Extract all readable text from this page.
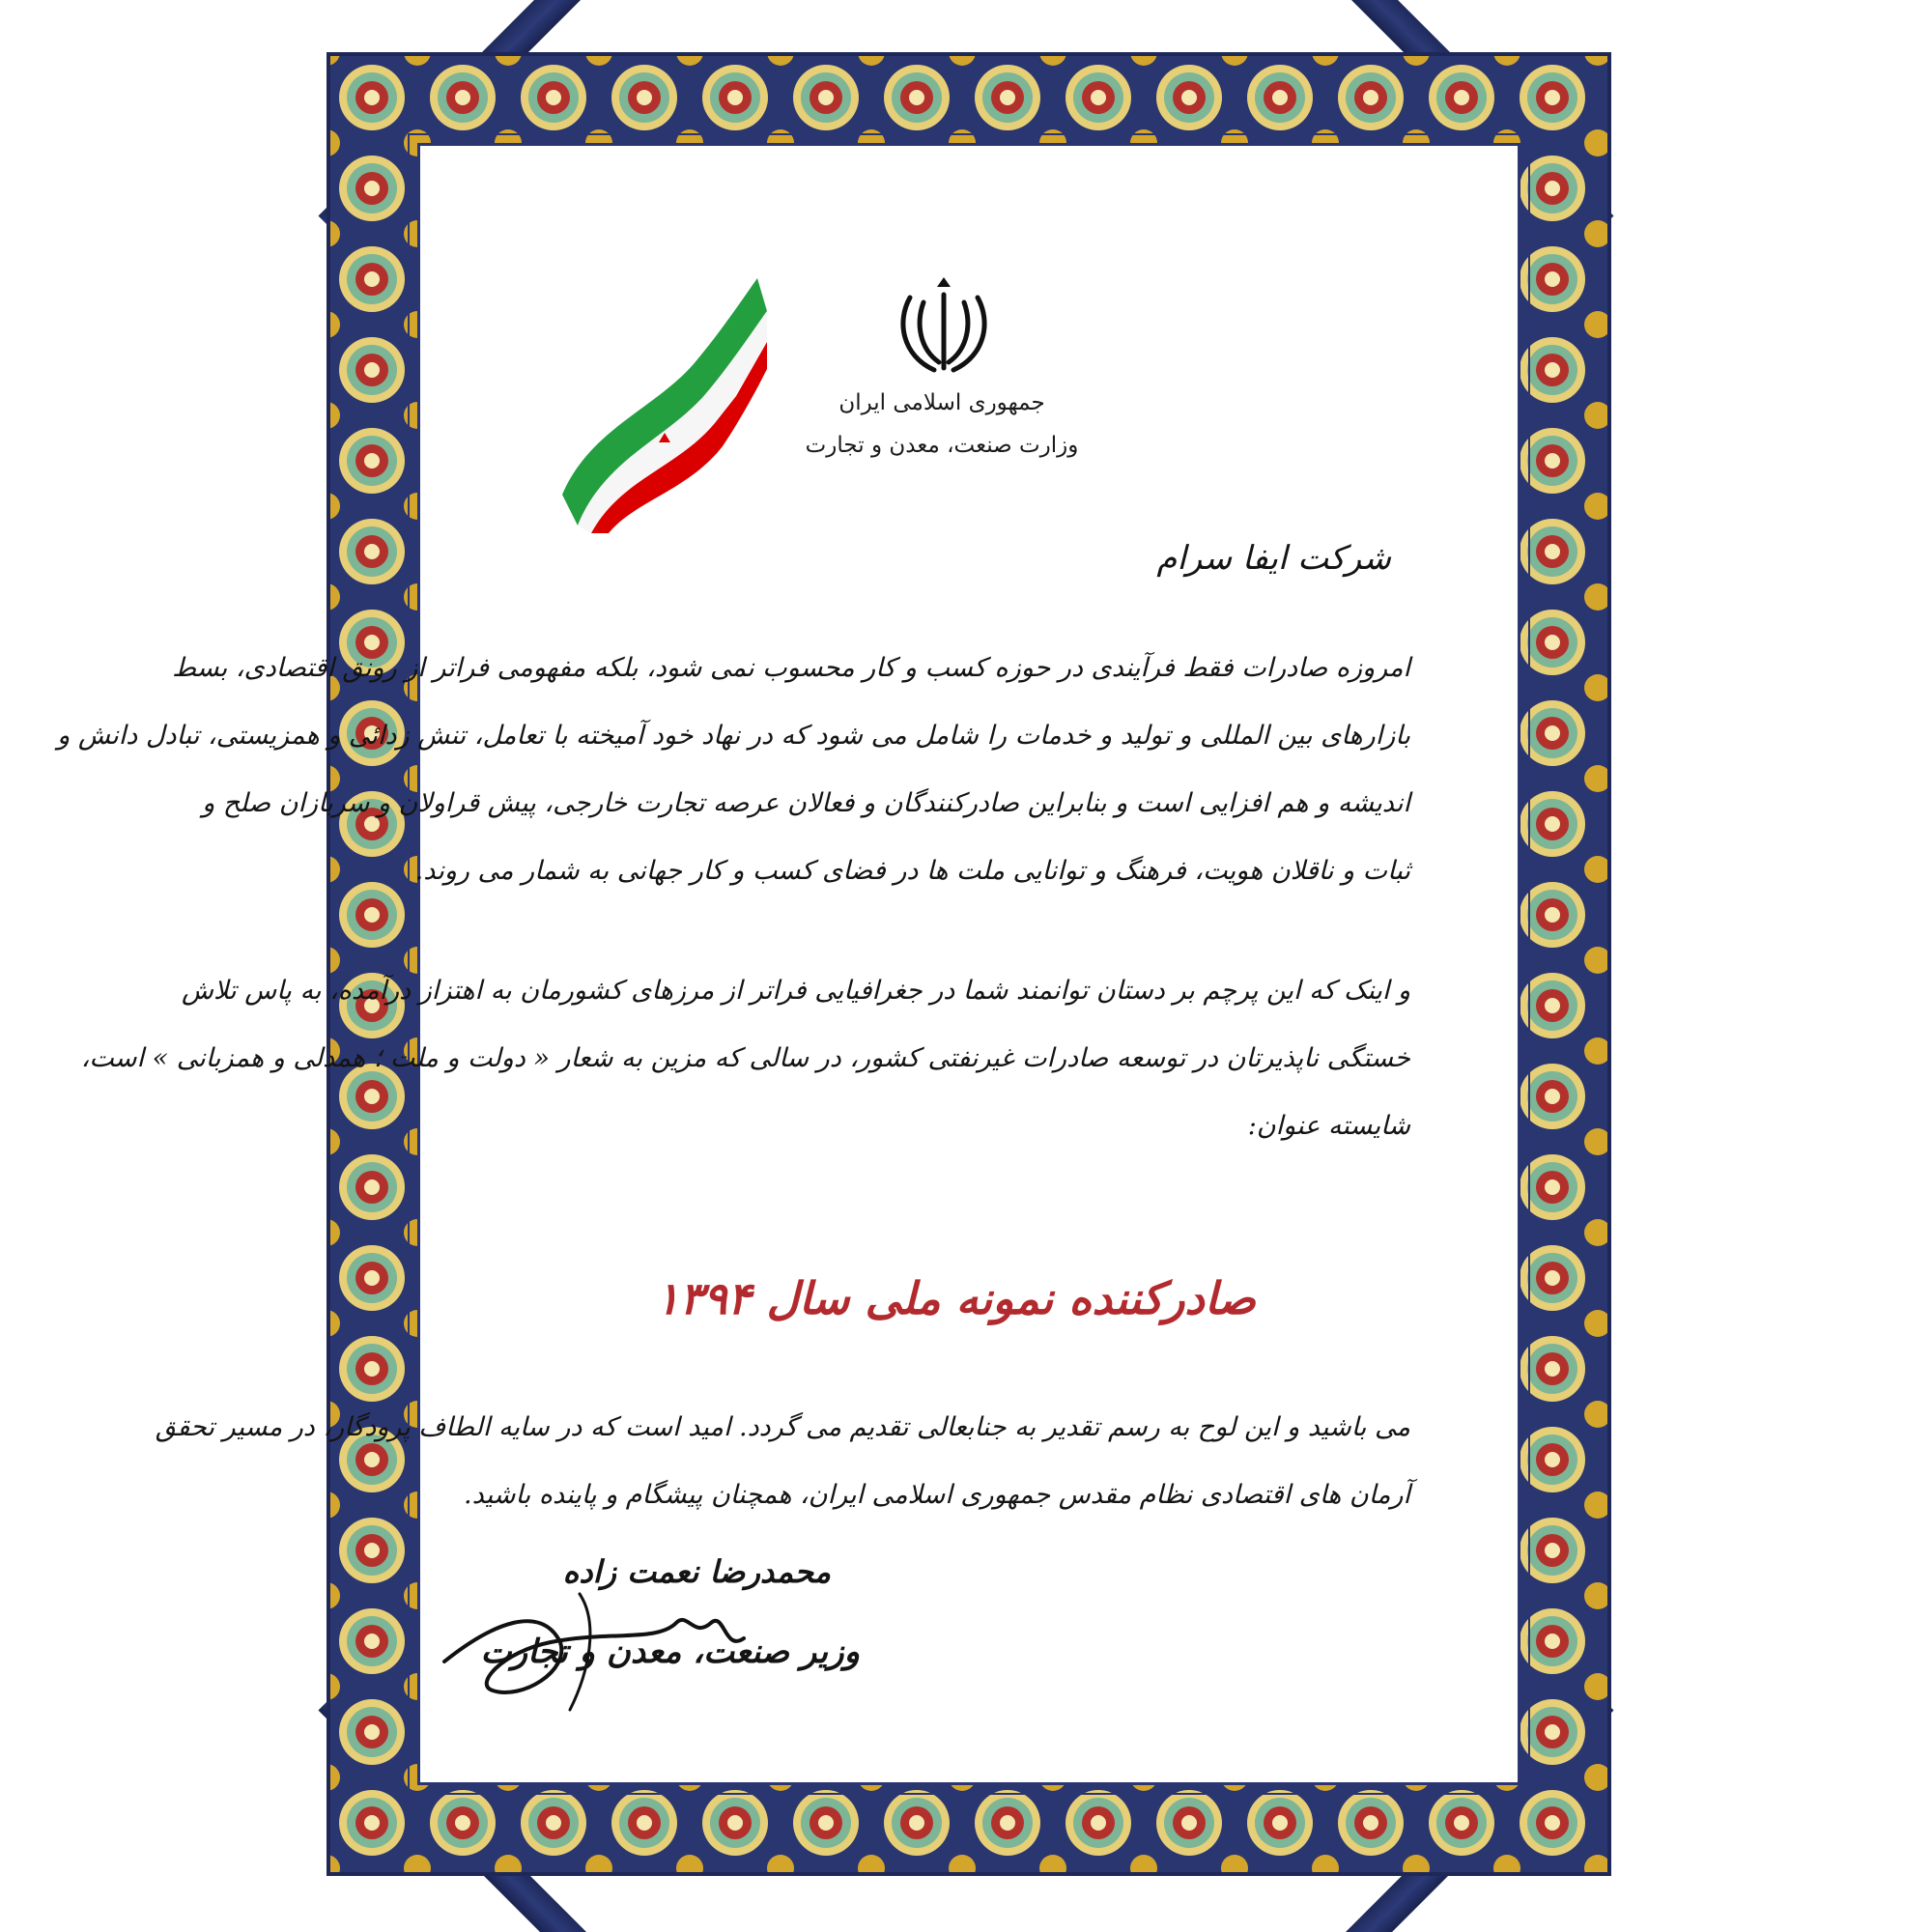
جمهوری اسلامی ایران
وزارت صنعت، معدن و تجارت
شرکت ایفا سرام
امروزه صادرات فقط فرآیندی در حوزه کسب و کار محسوب نمی شود، بلکه مفهومی فراتر از رونق اقتصادی، بسط
بازارهای بین المللی و تولید و خدمات را شامل می شود که در نهاد خود آمیخته با تعامل، تنش زدائی و همزیستی، تبادل دانش و
اندیشه و هم افزایی است و بنابراین صادرکنندگان و فعالان عرصه تجارت خارجی، پیش قراولان و سربازان صلح و
ثبات و ناقلان هویت، فرهنگ و توانایی ملت ها در فضای کسب و کار جهانی به شمار می روند.
و اینک که این پرچم بر دستان توانمند شما در جغرافیایی فراتر از مرزهای کشورمان به اهتزاز درآمده، به پاس تلاش
خستگی ناپذیرتان در توسعه صادرات غیرنفتی کشور، در سالی که مزین به شعار « دولت و ملت ؛ همدلی و همزبانی » است،
شایسته عنوان:
صادرکننده نمونه ملی سال ۱۳۹۴
می باشید و این لوح به رسم تقدیر به جنابعالی تقدیم می گردد. امید است که در سایه الطاف پرودگار، در مسیر تحقق
آرمان های اقتصادی نظام مقدس جمهوری اسلامی ایران، همچنان پیشگام و پاینده باشید.
محمدرضا نعمت زاده
وزیر صنعت، معدن و تجارت
